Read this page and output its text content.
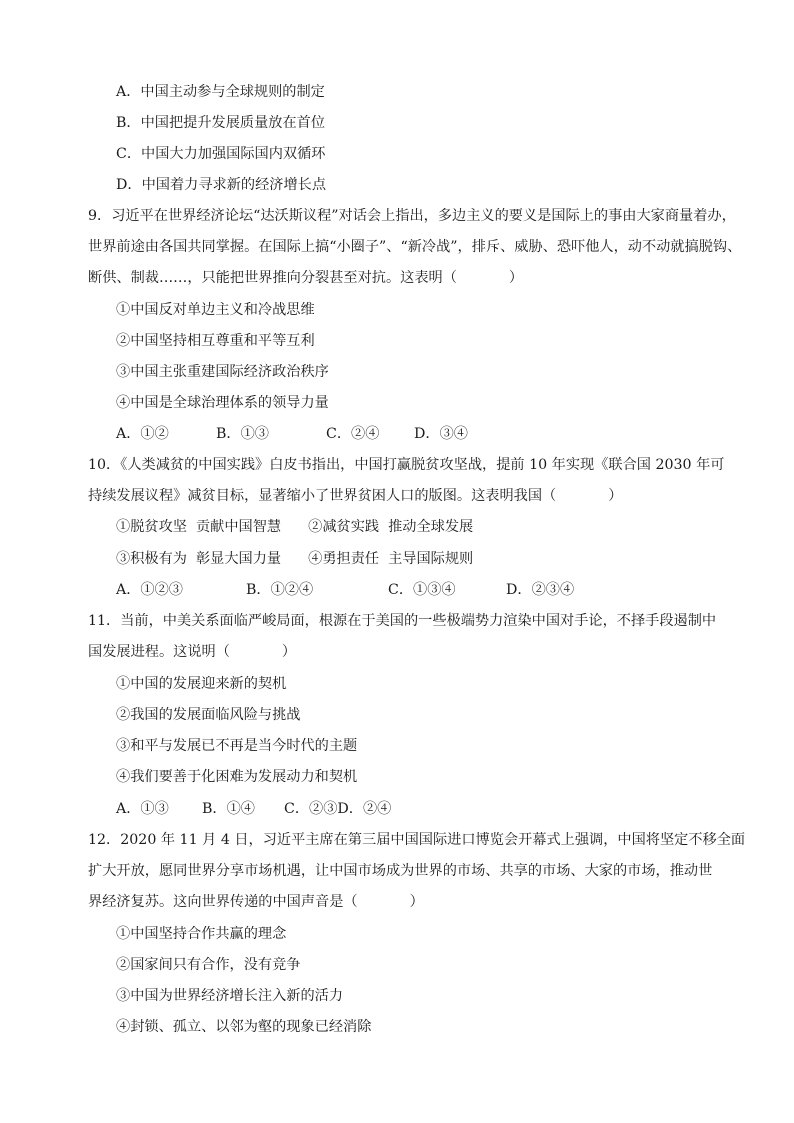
A．中国主动参与全球规则的制定
B．中国把提升发展质量放在首位
C．中国大力加强国际国内双循环
D．中国着力寻求新的经济增长点
9．习近平在世界经济论坛“达沃斯议程”对话会上指出，多边主义的要义是国际上的事由大家商量着办，
世界前途由各国共同掌握。在国际上搞“小圈子”、“新冷战”，排斥、威胁、恐吓他人，动不动就搞脱钩、
断供、制裁……，只能把世界推向分裂甚至对抗。这表明（	）
①中国反对单边主义和冷战思维
②中国坚持相互尊重和平等互利
③中国主张重建国际经济政治秩序
④中国是全球治理体系的领导力量
A．①②	B．①③	C．②④ D．③④
10．《人类减贫的中国实践》白皮书指出，中国打赢脱贫攻坚战，提前 10 年实现《联合国 2030 年可
持续发展议程》减贫目标，显著缩小了世界贫困人口的版图。这表明我国（	）
①脱贫攻坚  贡献中国智慧      ②减贫实践  推动全球发展
③积极有为  彰显大国力量      ④勇担责任  主导国际规则
A．①②③	B．①②④	C．①③④	D．②③④
11．当前，中美关系面临严峻局面，根源在于美国的一些极端势力渲染中国对手论，不择手段遏制中
国发展进程。这说明（	）
①中国的发展迎来新的契机
②我国的发展面临风险与挑战
③和平与发展已不再是当今时代的主题
④我们要善于化困难为发展动力和契机
A．①③ B．①④ C．②③D．②④
12．2020 年 11 月 4 日，习近平主席在第三届中国国际进口博览会开幕式上强调，中国将坚定不移全面
扩大开放，愿同世界分享市场机遇，让中国市场成为世界的市场、共享的市场、大家的市场，推动世
界经济复苏。这向世界传递的中国声音是（	）
①中国坚持合作共赢的理念
②国家间只有合作，没有竞争
③中国为世界经济增长注入新的活力
④封锁、孤立、以邻为壑的现象已经消除
